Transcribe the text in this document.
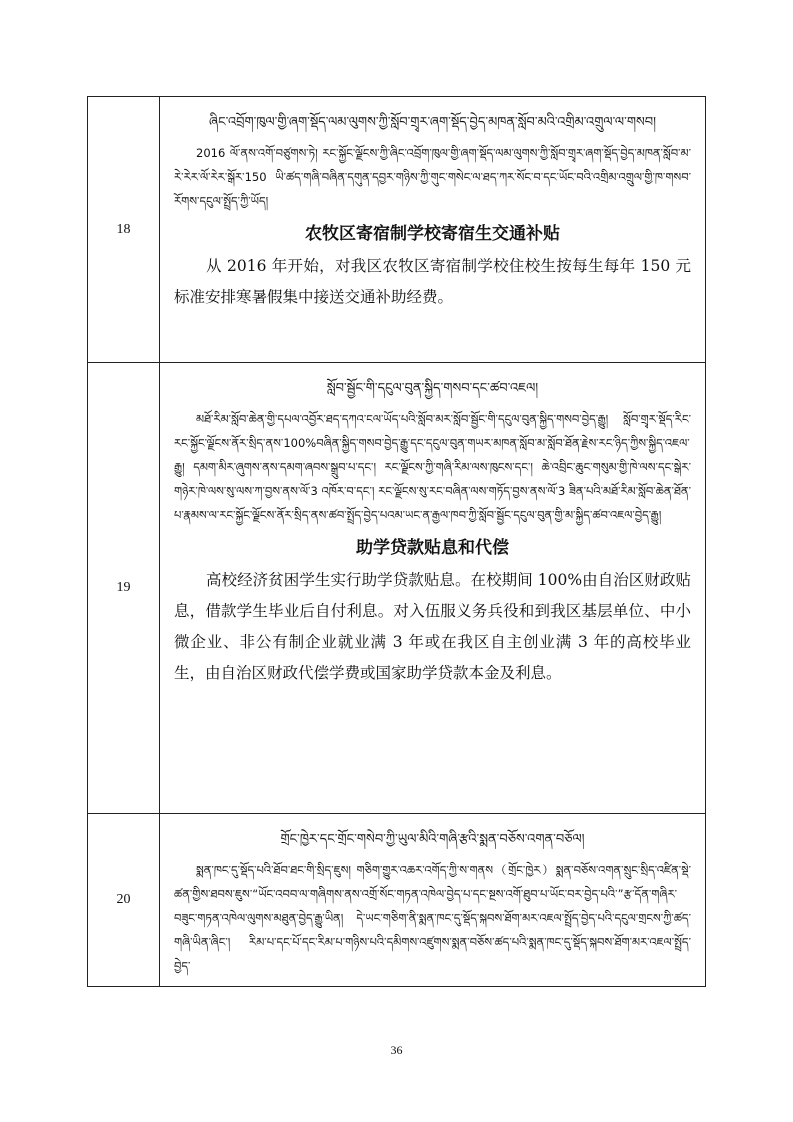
18	ཞིང་འབྲོག་ཁུལ་གྱི་ཞག་སྡོད་ལམ་ལུགས་ཀྱི་སློབ་གྲྭར་ཞག་སྡོད་བྱེད་མཁན་སློབ་མའི་འགྲིམ་འགྲུལ་ལ་གསབ།

2016 ལོ་ནས་འགོ་བཙུགས་ཏེ། རང་སྐྱོང་ལྗོངས་ཀྱི་ཞིང་འབྲོག་ཁུལ་གྱི་ཞག་སྡོད་ལམ་ལུགས་ཀྱི་སློབ་གྲྭར་ཞག་སྡོད་བྱེད་མཁན་སློབ་མ་རེ་རེར་ལོ་རེར་སྒོར་150 ཡི་ཚད་གཞི་བཞིན་དགུན་དབྱར་གཉིས་ཀྱི་གུང་གསེང་ལ་ཐད་ཀར་སོང་བ་དང་ཡོང་བའི་འགྲིམ་འགྲུལ་གྱི་ཁ་གསབ་རོགས་དངུལ་སྤྲོད་ཀྱི་ཡོད།

农牧区寄宿制学校寄宿生交通补贴

从 2016 年开始，对我区农牧区寄宿制学校住校生按每生每年 150 元标准安排寒暑假集中接送交通补助经费。

19	སློབ་སྦྱོང་གི་དངུལ་བུན་སྐྱིད་གསབ་དང་ཚབ་འཇལ།

མཐོ་རིམ་སློབ་ཆེན་གྱི་དཔལ་འབྱོར་ཐད་དཀའ་ངལ་ཡོད་པའི་སློབ་མར་སློབ་སྦྱོང་གི་དངུལ་བུན་སྐྱིད་གསབ་བྱེད་རྒྱུ། སློབ་གྲྭར་སྡོད་རིང་རང་སྐྱོང་ལྗོངས་ནོར་སྲིད་ནས་100%བཞིན་སྐྱིད་གསབ་བྱེད་རྒྱུ་དང་དངུལ་བུན་གཡར་མཁན་སློབ་མ་སློབ་ཐོན་རྗེས་རང་ཉིད་ཀྱིས་སྐྱིད་འཇལ་རྒྱུ། དམག་མིར་ཞུགས་ནས་དམག་ཞབས་སྒྲུབ་པ་དང་། རང་ལྗོངས་ཀྱི་གཞི་རིམ་ལས་ཁུངས་དང་། ཆེ་འབྲིང་ཆུང་གསུམ་གྱི་ཁེ་ལས་དང་སྒེར་གཉེར་ཁེ་ལས་སུ་ལས་ཀ་བྱས་ནས་ལོ་3 འཁོར་བ་དང་། རང་ལྗོངས་སུ་རང་བཞིན་ལས་གཏོད་བྱས་ནས་ལོ་3 ཟིན་པའི་མཐོ་རིམ་སློབ་ཆེན་ཐོན་པ་རྣམས་ལ་རང་སྐྱོང་ལྗོངས་ནོར་སྲིད་ནས་ཚབ་སྤྲོད་བྱེད་པའམ་ཡང་ན་རྒྱལ་ཁབ་ཀྱི་སློབ་སྦྱོང་དངུལ་བུན་གྱི་མ་སྐྱིད་ཚབ་འཇལ་བྱེད་རྒྱུ།

助学贷款贴息和代偿

高校经济贫困学生实行助学贷款贴息。在校期间 100%由自治区财政贴息，借款学生毕业后自付利息。对入伍服义务兵役和到我区基层单位、中小微企业、非公有制企业就业满 3 年或在我区自主创业满 3 年的高校毕业生，由自治区财政代偿学费或国家助学贷款本金及利息。

20	གྲོང་ཁྱེར་དང་གྲོང་གསེབ་ཀྱི་ཡུལ་མིའི་གཞི་རྩའི་སྨན་བཅོས་འགན་བཅོལ།

སྨན་ཁང་དུ་སྡོད་པའི་ཐོབ་ཐང་གི་སྲིད་ཇུས། གཅིག་གྱུར་འཆར་འགོད་ཀྱི་ས་གནས（གྲོང་ཁྱེར）སྨན་བཅོས་འགན་སྲུང་སྲིད་འཛིན་སྡེ་ཚན་གྱིས་ཐབས་ཇུས་“ཡོང་འབབ་ལ་གཞིགས་ནས་འགྲོ་སོང་གཏན་འཁེལ་བྱེད་པ་དང་སྔས་འགོ་ཐུབ་པ་ཡོང་བར་བྱེད་པའི་”རྩ་དོན་གཞིར་བཟུང་གཏན་འཁེལ་ལུགས་མཐུན་བྱེད་རྒྱུ་ཡིན། དེ་ཡང་གཅིག་ནི་སྨན་ཁང་དུ་སྡོད་སྐབས་ཐོག་མར་འཇལ་སྤྲོད་བྱེད་པའི་དངུལ་གྲངས་ཀྱི་ཚད་གཞི་ཡིན་ཞིང་། རིམ་པ་དང་པོ་དང་རིམ་པ་གཉིས་པའི་དམིགས་འཛུགས་སྨན་བཅོས་ཚད་པའི་སྨན་ཁང་དུ་སྡོད་སྐབས་ཐོག་མར་འཇལ་སྤྲོད་བྱེད་

36
